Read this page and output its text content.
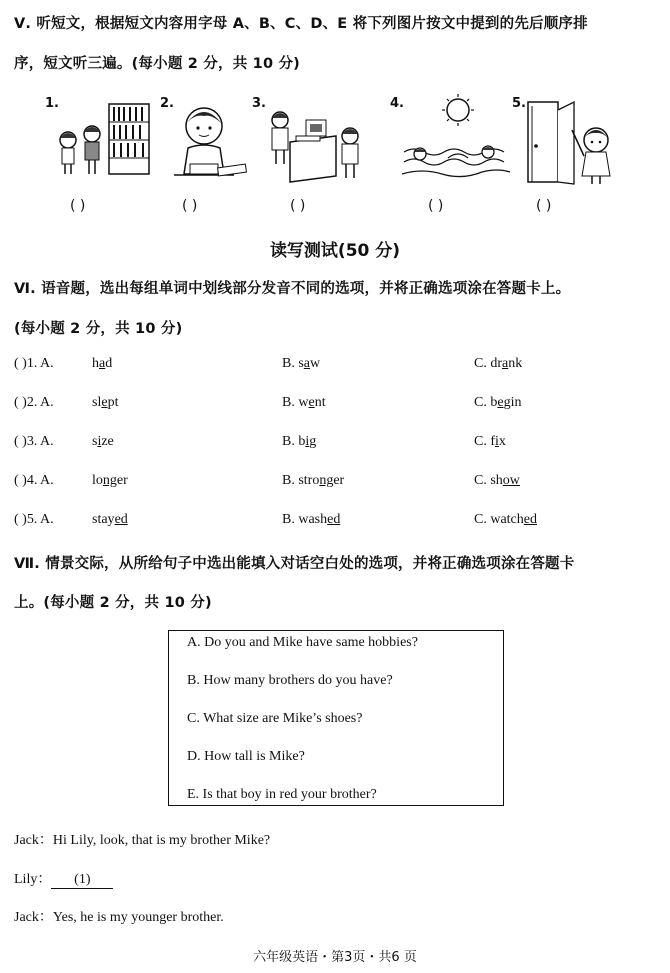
Ⅴ. 听短文，根据短文内容用字母 A、B、C、D、E 将下列图片按文中提到的先后顺序排
序，短文听三遍。(每小题 2 分，共 10 分)
1.
( )
2.
( )
3.
( )
4.
( )
5.
( )
读写测试(50 分)
Ⅵ. 语音题，选出每组单词中划线部分发音不同的选项，并将正确选项涂在答题卡上。
(每小题 2 分，共 10 分)
( )1. A.	had	B. saw	C. drank
( )2. A.	slept	B. went	C. begin
( )3. A.	size	B. big	C. fix
( )4. A.	longer	B. stronger	C. show
( )5. A.	stayed	B. washed	C. watched
Ⅶ. 情景交际，从所给句子中选出能填入对话空白处的选项，并将正确选项涂在答题卡
上。(每小题 2 分，共 10 分)
A. Do you and Mike have same hobbies?
B. How many brothers do you have?
C. What size are Mike’s shoes?
D. How tall is Mike?
E. Is that boy in red your brother?
Jack：Hi Lily, look, that is my brother Mike?
Lily： (1)
Jack：Yes, he is my younger brother.
六年级英语・第3页・共6 页
